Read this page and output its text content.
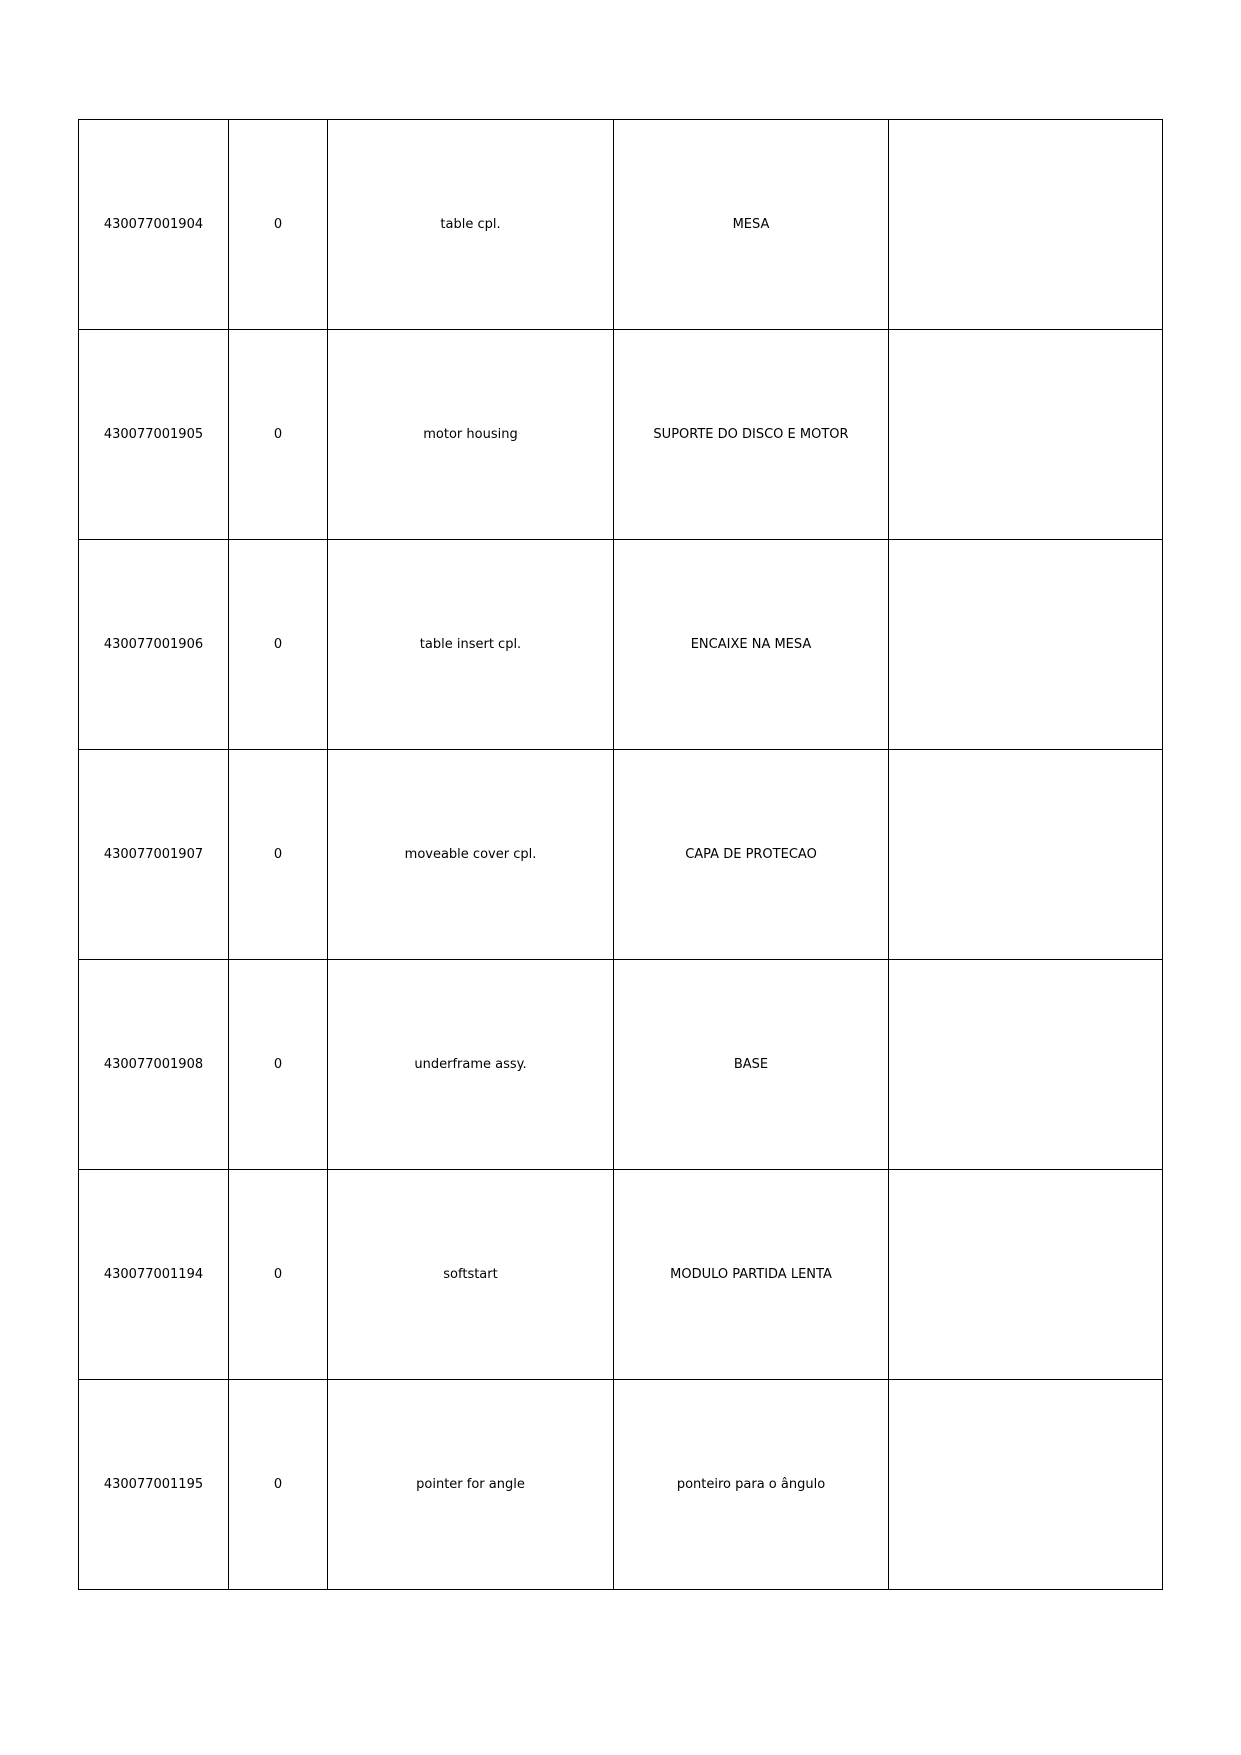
430077001904	0	table cpl.	MESA	
430077001905	0	motor housing	SUPORTE DO DISCO E MOTOR	
430077001906	0	table insert cpl.	ENCAIXE NA MESA	
430077001907	0	moveable cover cpl.	CAPA DE PROTECAO	
430077001908	0	underframe assy.	BASE	
430077001194	0	softstart	MODULO PARTIDA LENTA	
430077001195	0	pointer for angle	ponteiro para o ângulo	
